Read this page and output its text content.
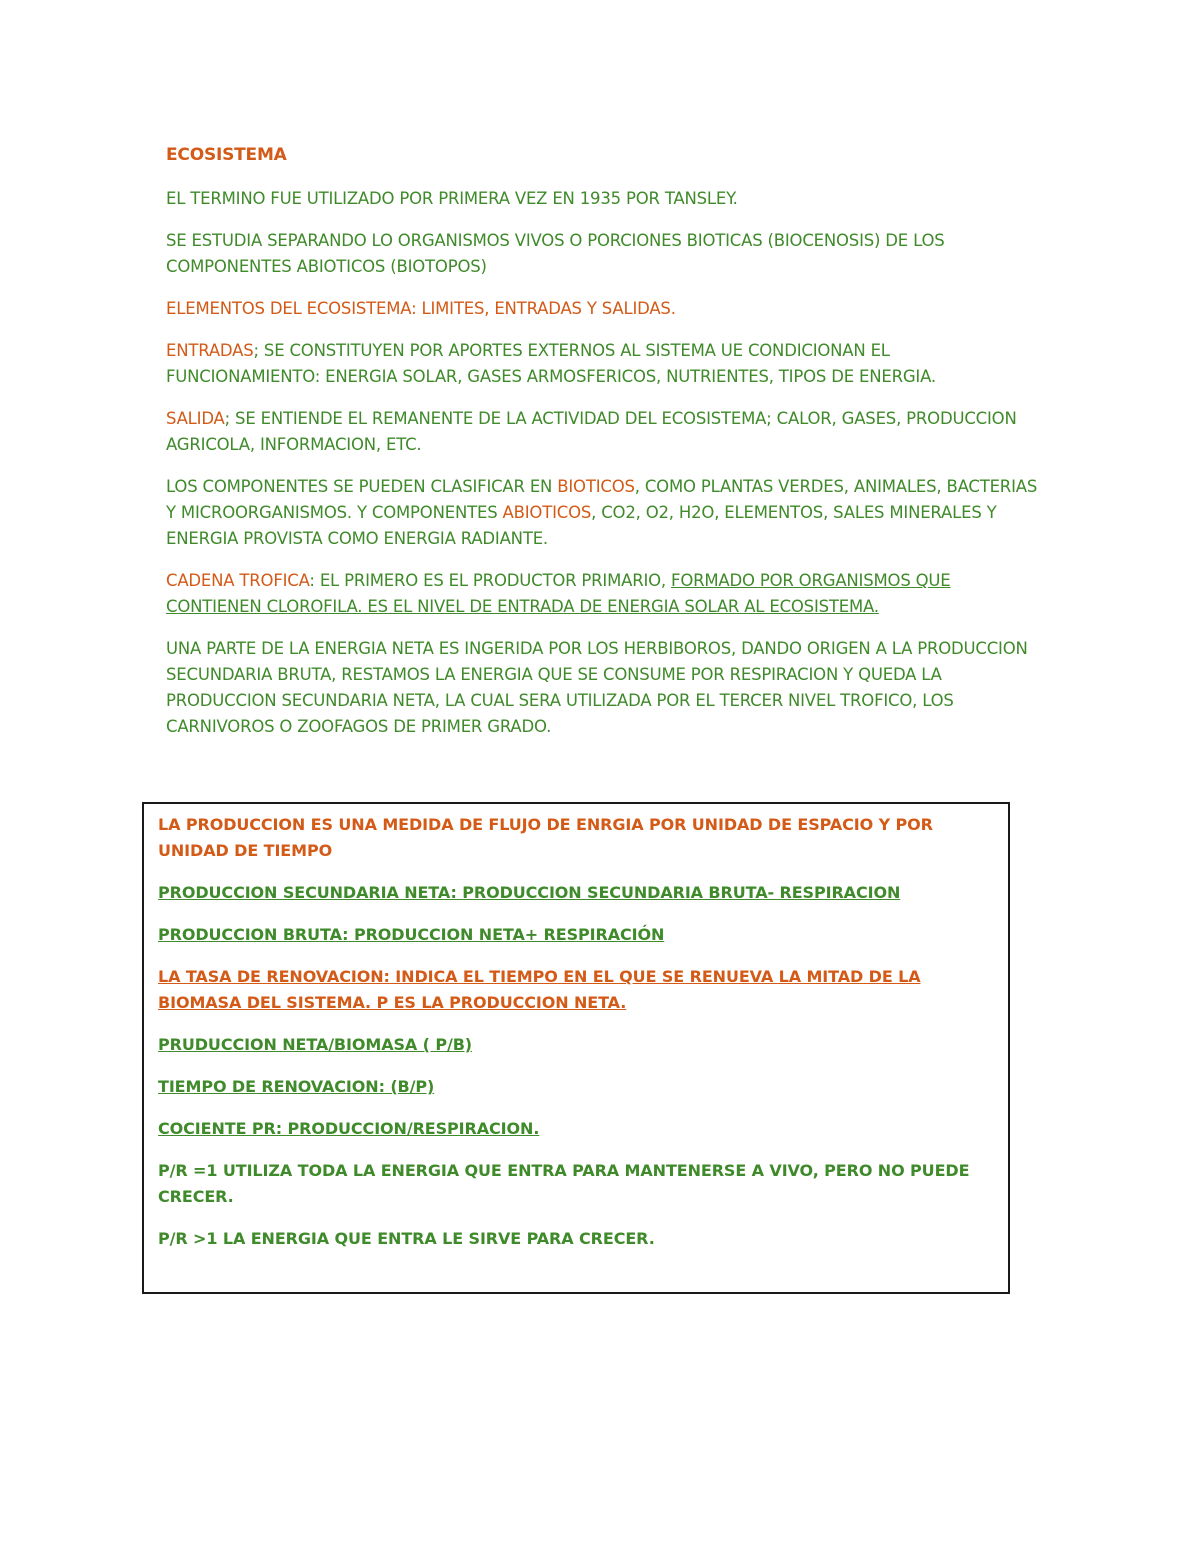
ECOSISTEMA

EL TERMINO FUE UTILIZADO POR PRIMERA VEZ EN 1935 POR TANSLEY.

SE ESTUDIA SEPARANDO LO ORGANISMOS VIVOS O PORCIONES BIOTICAS (BIOCENOSIS) DE LOS COMPONENTES ABIOTICOS (BIOTOPOS)

ELEMENTOS DEL ECOSISTEMA: LIMITES, ENTRADAS Y SALIDAS.

ENTRADAS; SE CONSTITUYEN POR APORTES EXTERNOS AL SISTEMA UE CONDICIONAN EL FUNCIONAMIENTO: ENERGIA SOLAR, GASES ARMOSFERICOS, NUTRIENTES, TIPOS DE ENERGIA.

SALIDA; SE ENTIENDE EL REMANENTE DE LA ACTIVIDAD DEL ECOSISTEMA; CALOR, GASES, PRODUCCION AGRICOLA, INFORMACION, ETC.

LOS COMPONENTES SE PUEDEN CLASIFICAR EN BIOTICOS, COMO PLANTAS VERDES, ANIMALES, BACTERIAS Y MICROORGANISMOS. Y COMPONENTES ABIOTICOS, CO2, O2, H2O, ELEMENTOS, SALES MINERALES Y ENERGIA PROVISTA COMO ENERGIA RADIANTE.

CADENA TROFICA: EL PRIMERO ES EL PRODUCTOR PRIMARIO, FORMADO POR ORGANISMOS QUE CONTIENEN CLOROFILA. ES EL NIVEL DE ENTRADA DE ENERGIA SOLAR AL ECOSISTEMA.

UNA PARTE DE LA ENERGIA NETA ES INGERIDA POR LOS HERBIBOROS, DANDO ORIGEN A LA PRODUCCION SECUNDARIA BRUTA, RESTAMOS LA ENERGIA QUE SE CONSUME POR RESPIRACION Y QUEDA LA PRODUCCION SECUNDARIA NETA, LA CUAL SERA UTILIZADA POR EL TERCER NIVEL TROFICO, LOS CARNIVOROS O ZOOFAGOS DE PRIMER GRADO.

LA PRODUCCION ES UNA MEDIDA DE FLUJO DE ENRGIA POR UNIDAD DE ESPACIO Y POR UNIDAD DE TIEMPO

PRODUCCION SECUNDARIA NETA: PRODUCCION SECUNDARIA BRUTA- RESPIRACION

PRODUCCION BRUTA: PRODUCCION NETA+ RESPIRACIÓN

LA TASA DE RENOVACION: INDICA EL TIEMPO EN EL QUE SE RENUEVA LA MITAD DE LA BIOMASA DEL SISTEMA. P ES LA PRODUCCION NETA.

PRUDUCCION NETA/BIOMASA ( P/B)

TIEMPO DE RENOVACION: (B/P)

COCIENTE PR: PRODUCCION/RESPIRACION.

P/R =1 UTILIZA TODA LA ENERGIA QUE ENTRA PARA MANTENERSE A VIVO, PERO NO PUEDE CRECER.

P/R >1 LA ENERGIA QUE ENTRA LE SIRVE PARA CRECER.
